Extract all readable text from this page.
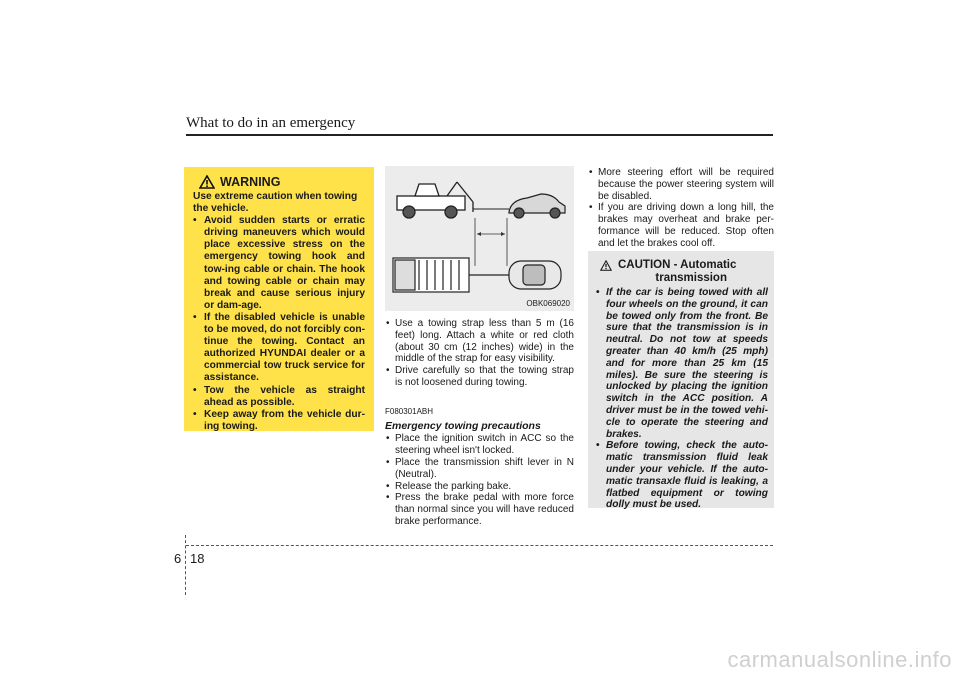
What to do in an emergency
WARNING
Use extreme caution when towing the vehicle.
• Avoid sudden starts or erratic driving maneuvers which would place excessive stress on the emergency towing hook and tow-ing cable or chain. The hook and towing cable or chain may break and cause serious injury or dam-age.
• If the disabled vehicle is unable to be moved, do not forcibly con-tinue the towing. Contact an authorized HYUNDAI dealer or a commercial tow truck service for assistance.
• Tow the vehicle as straight ahead as possible.
• Keep away from the vehicle dur-ing towing.
OBK069020
• Use a towing strap less than 5 m (16 feet) long. Attach a white or red cloth (about 30 cm (12 inches) wide) in the middle of the strap for easy visibility.
• Drive carefully so that the towing strap is not loosened during towing.
F080301ABH
Emergency towing precautions
• Place the ignition switch in ACC so the steering wheel isn't locked.
• Place the transmission shift lever in N (Neutral).
• Release the parking bake.
• Press the brake pedal with more force than normal since you will have reduced brake performance.
• More steering effort will be required because the power steering system will be disabled.
• If you are driving down a long hill, the brakes may overheat and brake per-formance will be reduced. Stop often and let the brakes cool off.
CAUTION - Automatic
transmission
• If the car is being towed with all four wheels on the ground, it can be towed only from the front. Be sure that the transmission is in neutral. Do not tow at speeds greater than 40 km/h (25 mph) and for more than 25 km (15 miles). Be sure the steering is unlocked by placing the ignition switch in the ACC position. A driver must be in the towed vehi-cle to operate the steering and brakes.
• Before towing, check the auto-matic transmission fluid leak under your vehicle. If the auto-matic transaxle fluid is leaking, a flatbed equipment or towing dolly must be used.
6 18
carmanualsonline.info
